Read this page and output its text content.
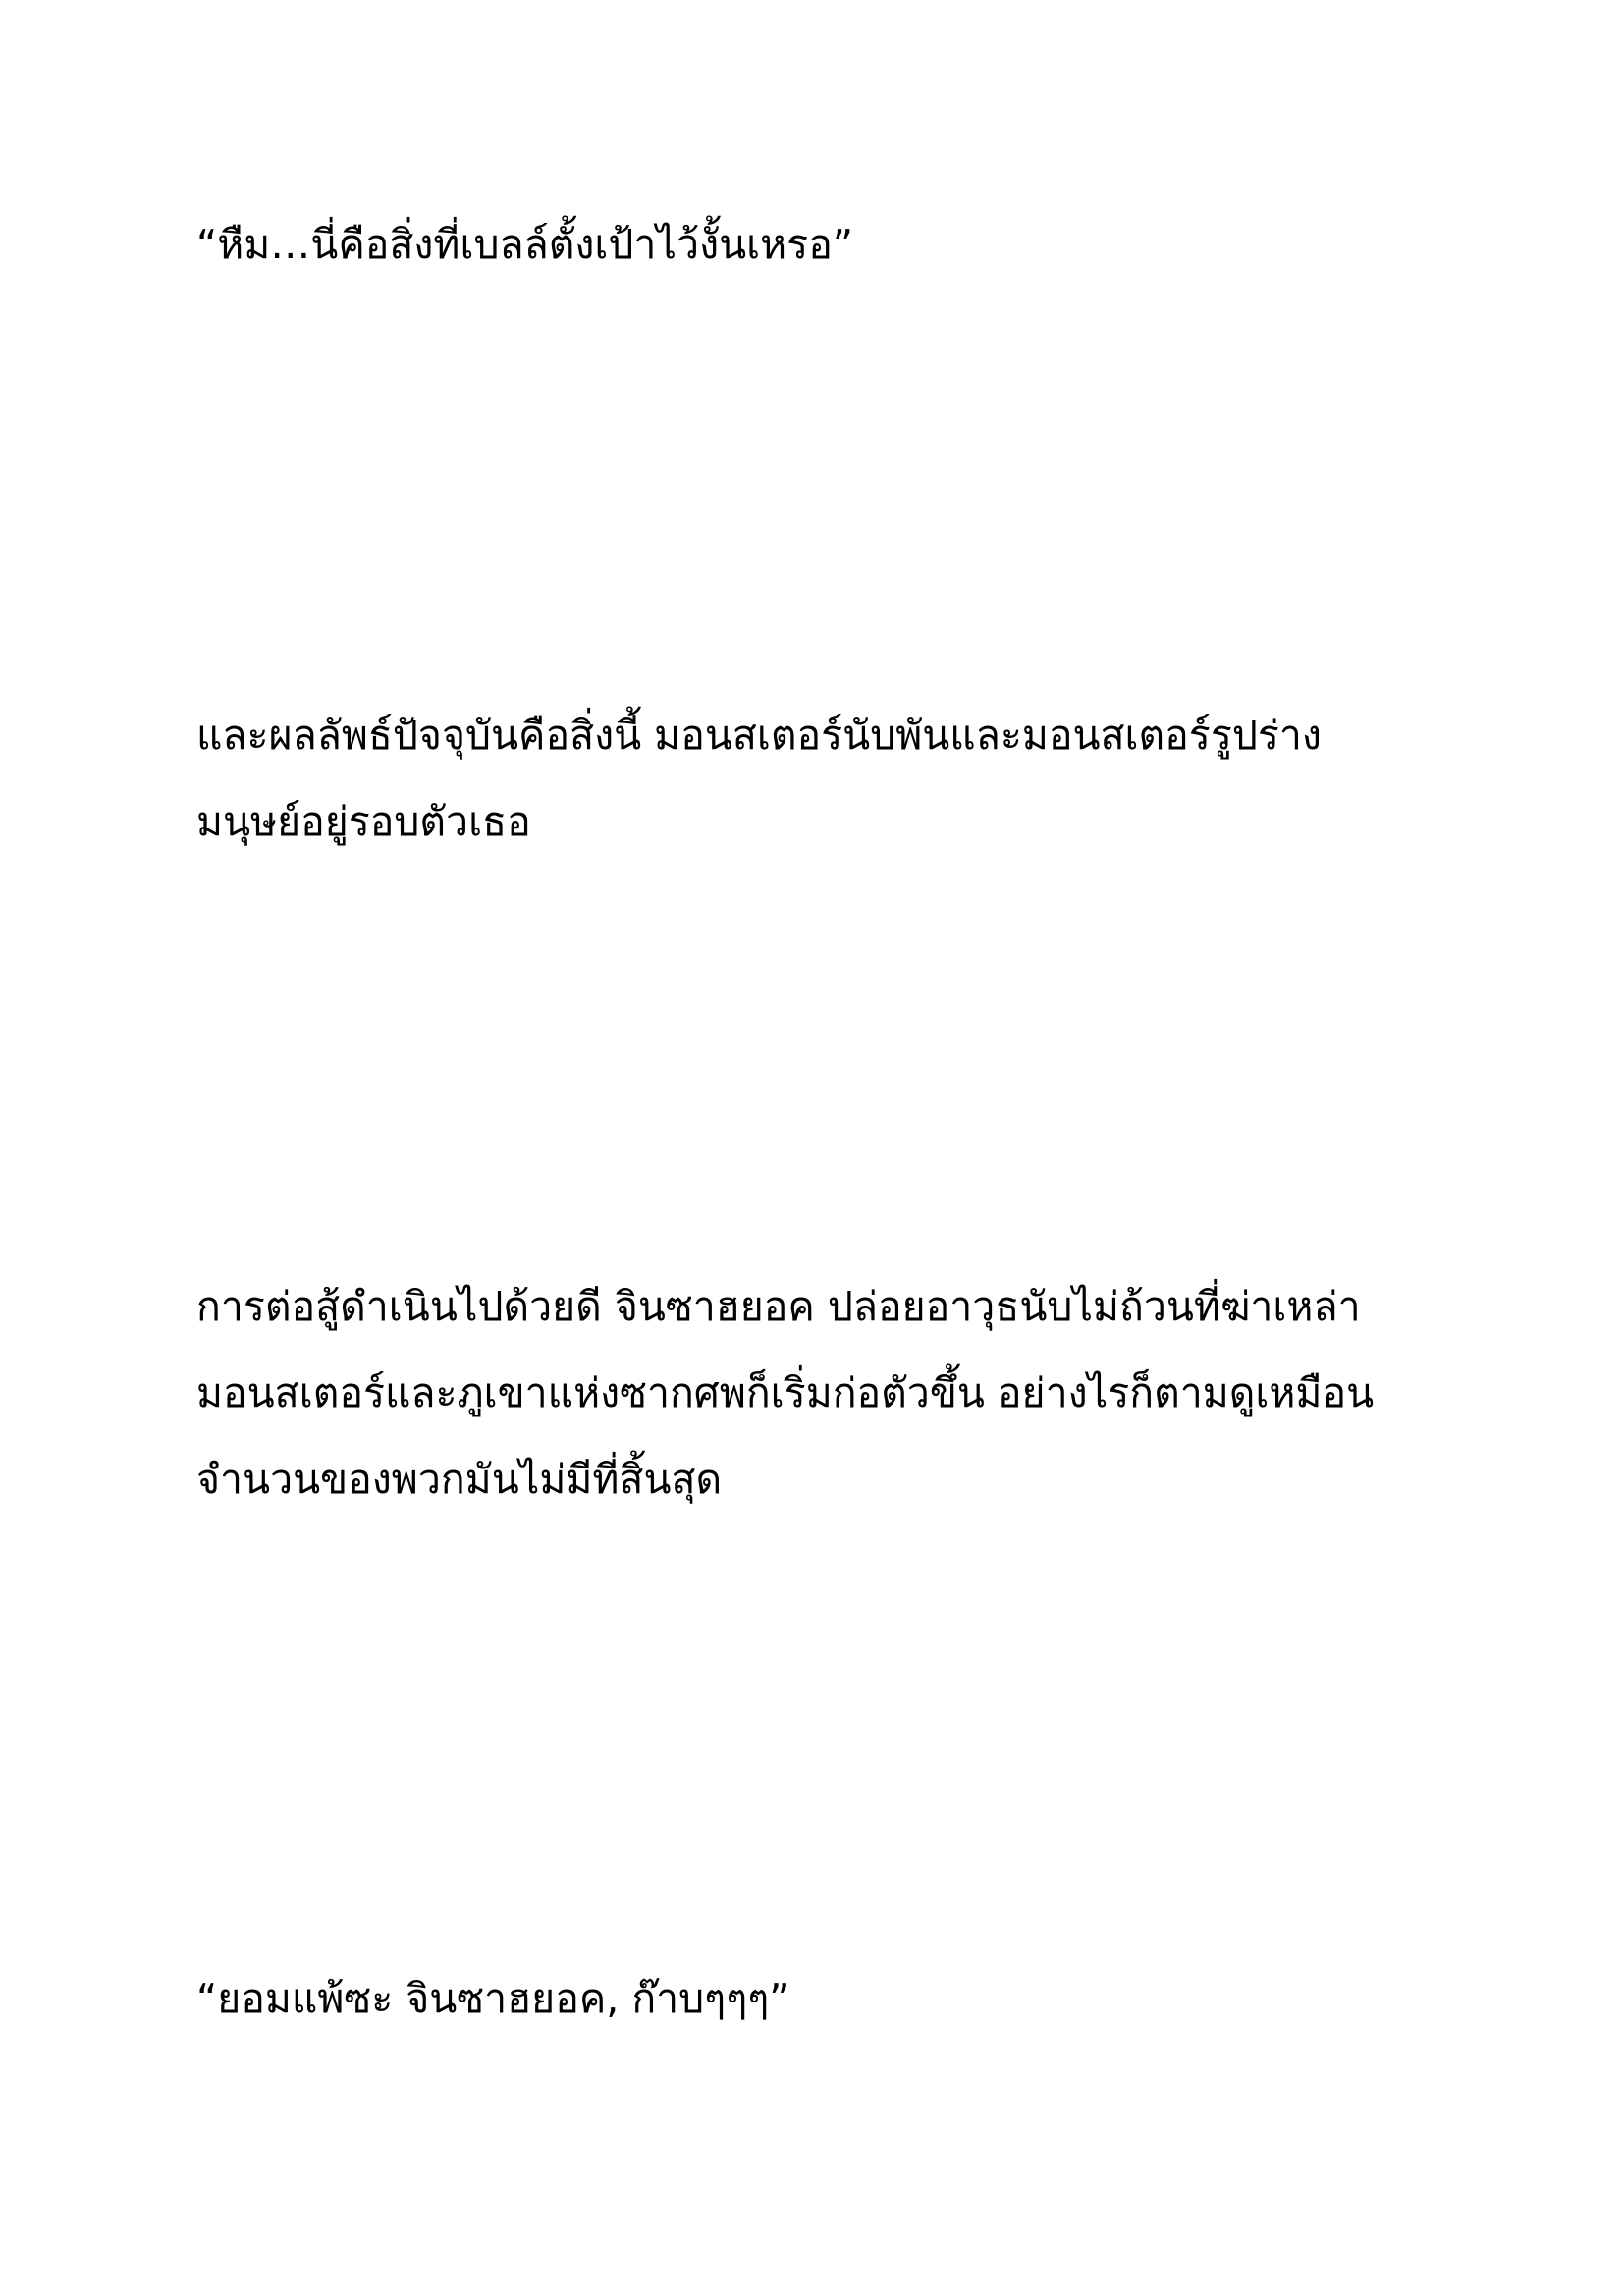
“หืม…นี่คือสิ่งที่เบลล์ตั้งเป้าไว้งั้นเหรอ”

และผลลัพธ์ปัจจุบันคือสิ่งนี้ มอนสเตอร์นับพันและมอนสเตอร์รูปร่าง
มนุษย์อยู่รอบตัวเธอ

การต่อสู้ดำเนินไปด้วยดี จินซาฮยอค ปล่อยอาวุธนับไม่ถ้วนที่ฆ่าเหล่า
มอนสเตอร์และภูเขาแห่งซากศพก็เริ่มก่อตัวขึ้น อย่างไรก็ตามดูเหมือน
จำนวนของพวกมันไม่มีที่สิ้นสุด

“ยอมแพ้ซะ จินซาฮยอค, ก๊าบๆๆๆ”
